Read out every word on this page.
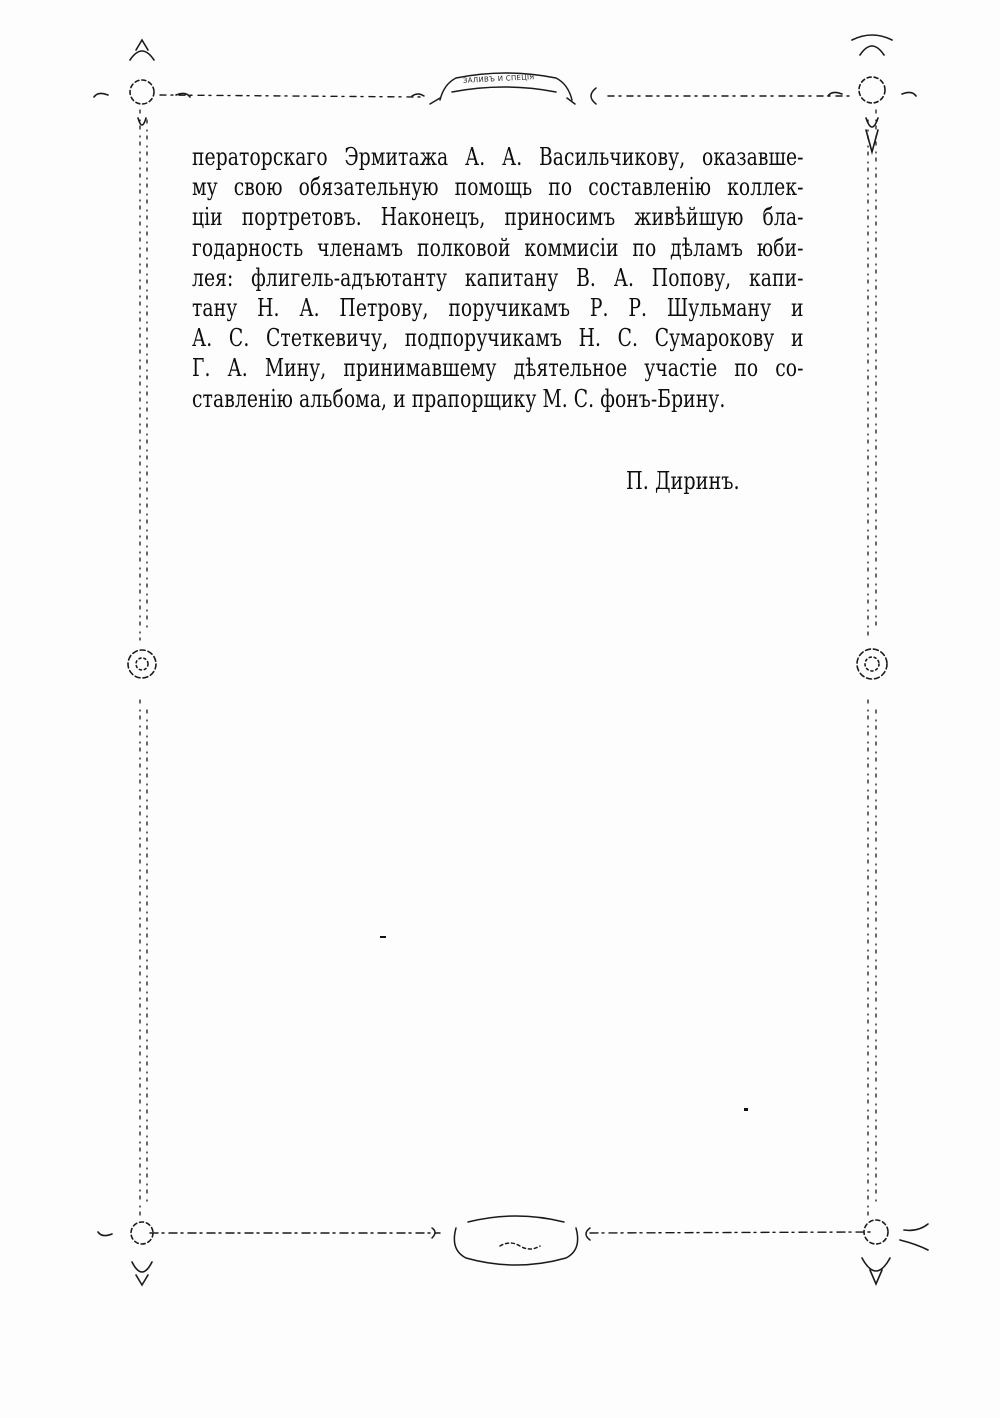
ЗАЛИВЪ И СПЕЦІЯ
ператорскаго Эрмитажа А. А. Васильчикову, оказавше-
му свою обязательную помощь по составленію коллек-
ціи портретовъ. Наконецъ, приносимъ живѣйшую бла-
годарность членамъ полковой коммисіи по дѣламъ юби-
лея: флигель-адъютанту капитану В. А. Попову, капи-
тану Н. А. Петрову, поручикамъ Р. Р. Шульману и
А. С. Стеткевичу, подпоручикамъ Н. С. Сумарокову и
Г. А. Мину, принимавшему дѣятельное участіе по со-
ставленію альбома, и прапорщику М. С. фонъ-Брину.
П. Диринъ.
